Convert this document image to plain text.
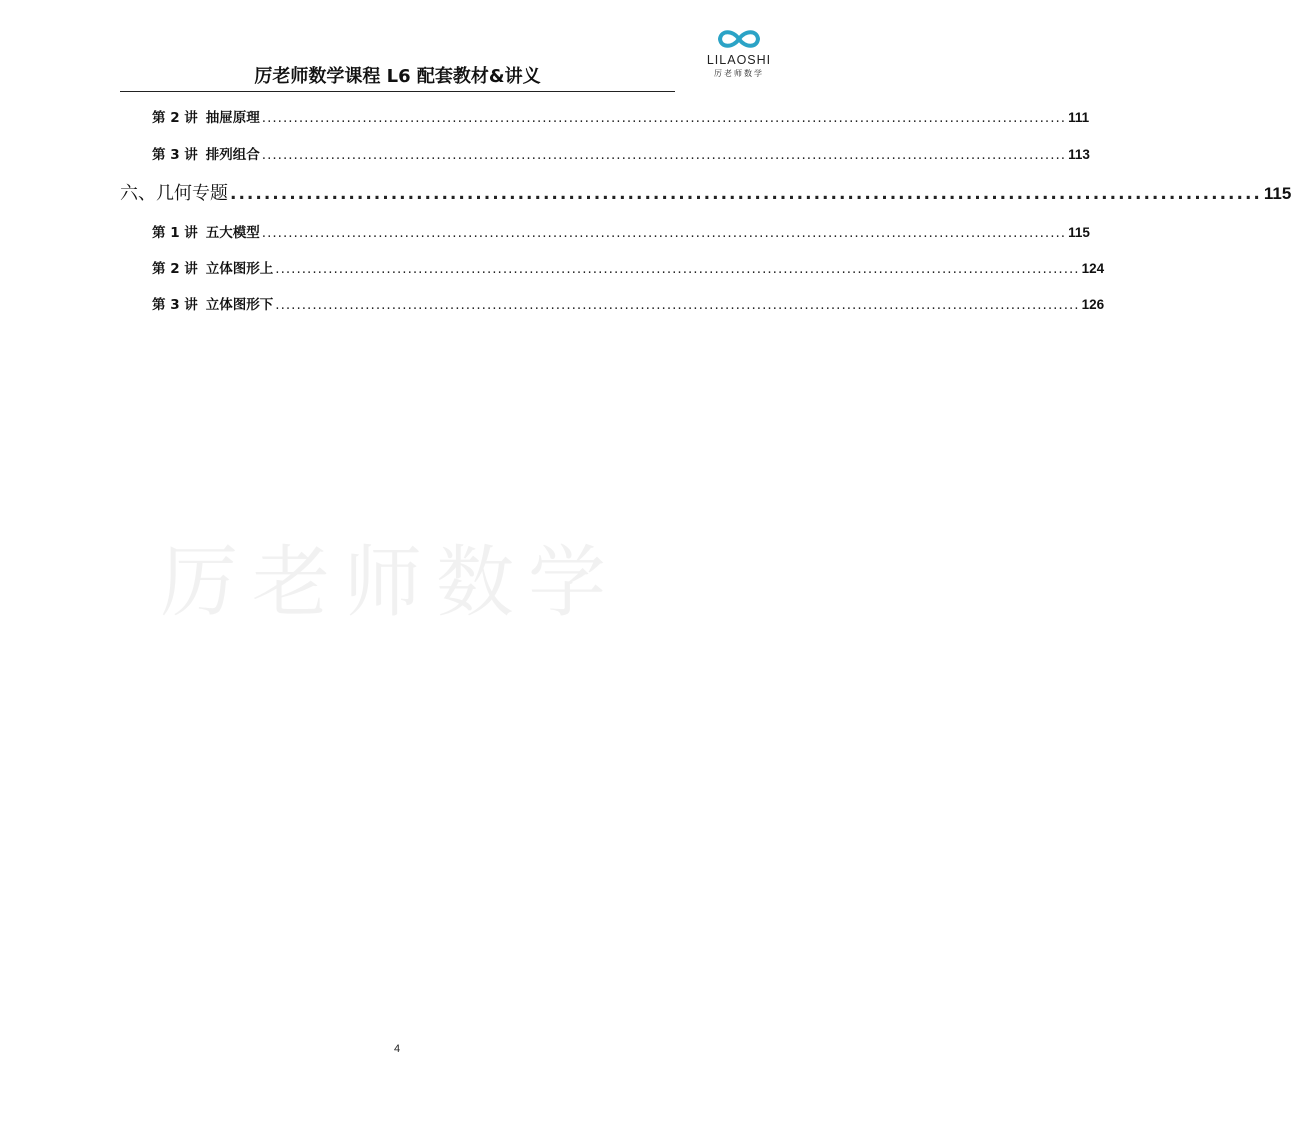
厉老师数学
LILAOSHI
厉老师数学
厉老师数学课程 L6 配套教材&讲义
第 2 讲 抽屉原理 ........................................................................................................................................................ 111
第 3 讲 排列组合 ........................................................................................................................................................ 113
六、几何专题 .......................................................................................................................... 115
第 1 讲 五大模型 ........................................................................................................................................................ 115
第 2 讲 立体图形上 ........................................................................................................................................................ 124
第 3 讲 立体图形下 ........................................................................................................................................................ 126
4
